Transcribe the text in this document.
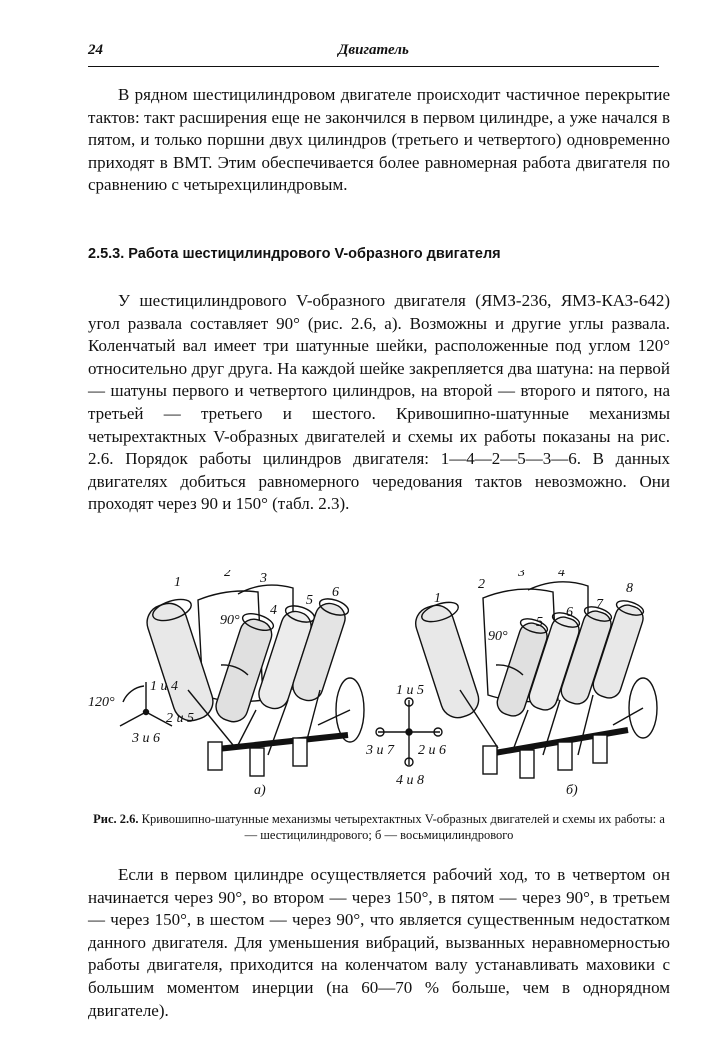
24	Двигатель

В рядном шестицилиндровом двигателе происходит частичное перекрытие тактов: такт расширения еще не закончился в первом цилиндре, а уже начался в пятом, и только поршни двух цилиндров (третьего и четвертого) одновременно приходят в ВМТ. Этим обеспечивается более равномерная работа двигателя по сравнению с четырехцилиндровым.

2.5.3. Работа шестицилиндрового V-образного двигателя

У шестицилиндрового V-образного двигателя (ЯМЗ-236, ЯМЗ-КАЗ-642) угол развала составляет 90° (рис. 2.6, а). Возможны и другие углы развала. Коленчатый вал имеет три шатунные шейки, расположенные под углом 120° относительно друг друга. На каждой шейке закрепляется два шатуна: на первой — шатуны первого и четвертого цилиндров, на второй — второго и пятого, на третьей — третьего и шестого. Кривошипно-шатунные механизмы четырехтактных V-образных двигателей и схемы их работы показаны на рис. 2.6. Порядок работы цилиндров двигателя: 1—4—2—5—3—6. В данных двигателях добиться равномерного чередования тактов невозможно. Они проходят через 90 и 150° (табл. 2.3).

1
2 3
4
5
6
90°
120°
1 и 4
2 и 5
3 и 6
а)
1
2
3 4
5
6
7
8
90°
1 и 5
3 и 7 2 и 6
4 и 8
б)

Рис. 2.6. Кривошипно-шатунные механизмы четырехтактных V-образных двигателей и схемы их работы: а — шестицилиндрового; б — восьмицилиндрового

Если в первом цилиндре осуществляется рабочий ход, то в четвертом он начинается через 90°, во втором — через 150°, в пятом — через 90°, в третьем — через 150°, в шестом — через 90°, что является существенным недостатком данного двигателя. Для уменьшения вибраций, вызванных неравномерностью работы двигателя, приходится на коленчатом валу устанавливать маховики с большим моментом инерции (на 60—70 % больше, чем в однорядном двигателе).
